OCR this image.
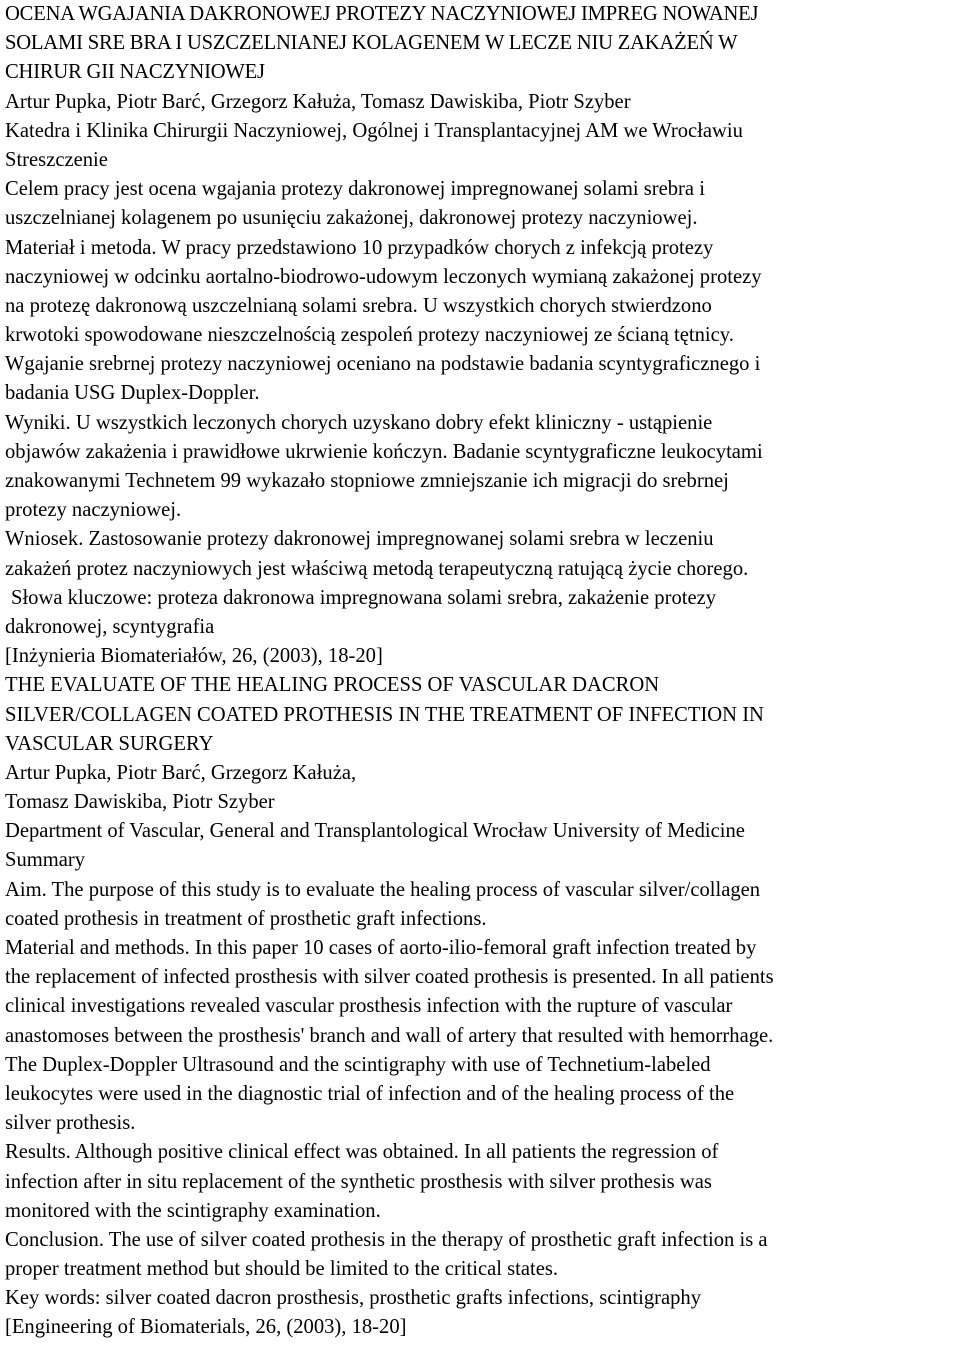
OCENA WGAJANIA DAKRONOWEJ PROTEZY NACZYNIOWEJ IMPREG NOWANEJ
SOLAMI SRE BRA I USZCZELNIANEJ KOLAGENEM W LECZE NIU ZAKAŻEŃ W
CHIRUR GII NACZYNIOWEJ
Artur Pupka, Piotr Barć, Grzegorz Kałuża, Tomasz Dawiskiba, Piotr Szyber
Katedra i Klinika Chirurgii Naczyniowej, Ogólnej i Transplantacyjnej AM we Wrocławiu
Streszczenie
Celem pracy jest ocena wgajania protezy dakronowej impregnowanej solami srebra i
uszczelnianej kolagenem po usunięciu zakażonej, dakronowej protezy naczyniowej.
Materiał i metoda. W pracy przedstawiono 10 przypadków chorych z infekcją protezy
naczyniowej w odcinku aortalno-biodrowo-udowym leczonych wymianą zakażonej protezy
na protezę dakronową uszczelnianą solami srebra. U wszystkich chorych stwierdzono
krwotoki spowodowane nieszczelnością zespoleń protezy naczyniowej ze ścianą tętnicy.
Wgajanie srebrnej protezy naczyniowej oceniano na podstawie badania scyntygraficznego i
badania USG Duplex-Doppler.
Wyniki. U wszystkich leczonych chorych uzyskano dobry efekt kliniczny - ustąpienie
objawów zakażenia i prawidłowe ukrwienie kończyn. Badanie scyntygraficzne leukocytami
znakowanymi Technetem 99 wykazało stopniowe zmniejszanie ich migracji do srebrnej
protezy naczyniowej.
Wniosek. Zastosowanie protezy dakronowej impregnowanej solami srebra w leczeniu
zakażeń protez naczyniowych jest właściwą metodą terapeutyczną ratującą życie chorego.
Słowa kluczowe: proteza dakronowa impregnowana solami srebra, zakażenie protezy
dakronowej, scyntygrafia
[Inżynieria Biomateriałów, 26, (2003), 18-20]
THE EVALUATE OF THE HEALING PROCESS OF VASCULAR DACRON
SILVER/COLLAGEN COATED PROTHESIS IN THE TREATMENT OF INFECTION IN
VASCULAR SURGERY
Artur Pupka, Piotr Barć, Grzegorz Kałuża,
Tomasz Dawiskiba, Piotr Szyber
Department of Vascular, General and Transplantological Wrocław University of Medicine
Summary
Aim. The purpose of this study is to evaluate the healing process of vascular silver/collagen
coated prothesis in treatment of prosthetic graft infections.
Material and methods. In this paper 10 cases of aorto-ilio-femoral graft infection treated by
the replacement of infected prosthesis with silver coated prothesis is presented. In all patients
clinical investigations revealed vascular prosthesis infection with the rupture of vascular
anastomoses between the prosthesis' branch and wall of artery that resulted with hemorrhage.
The Duplex-Doppler Ultrasound and the scintigraphy with use of Technetium-labeled
leukocytes were used in the diagnostic trial of infection and of the healing process of the
silver prothesis.
Results. Although positive clinical effect was obtained. In all patients the regression of
infection after in situ replacement of the synthetic prosthesis with silver prothesis was
monitored with the scintigraphy examination.
Conclusion. The use of silver coated prothesis in the therapy of prosthetic graft infection is a
proper treatment method but should be limited to the critical states.
Key words: silver coated dacron prosthesis, prosthetic grafts infections, scintigraphy
[Engineering of Biomaterials, 26, (2003), 18-20]
